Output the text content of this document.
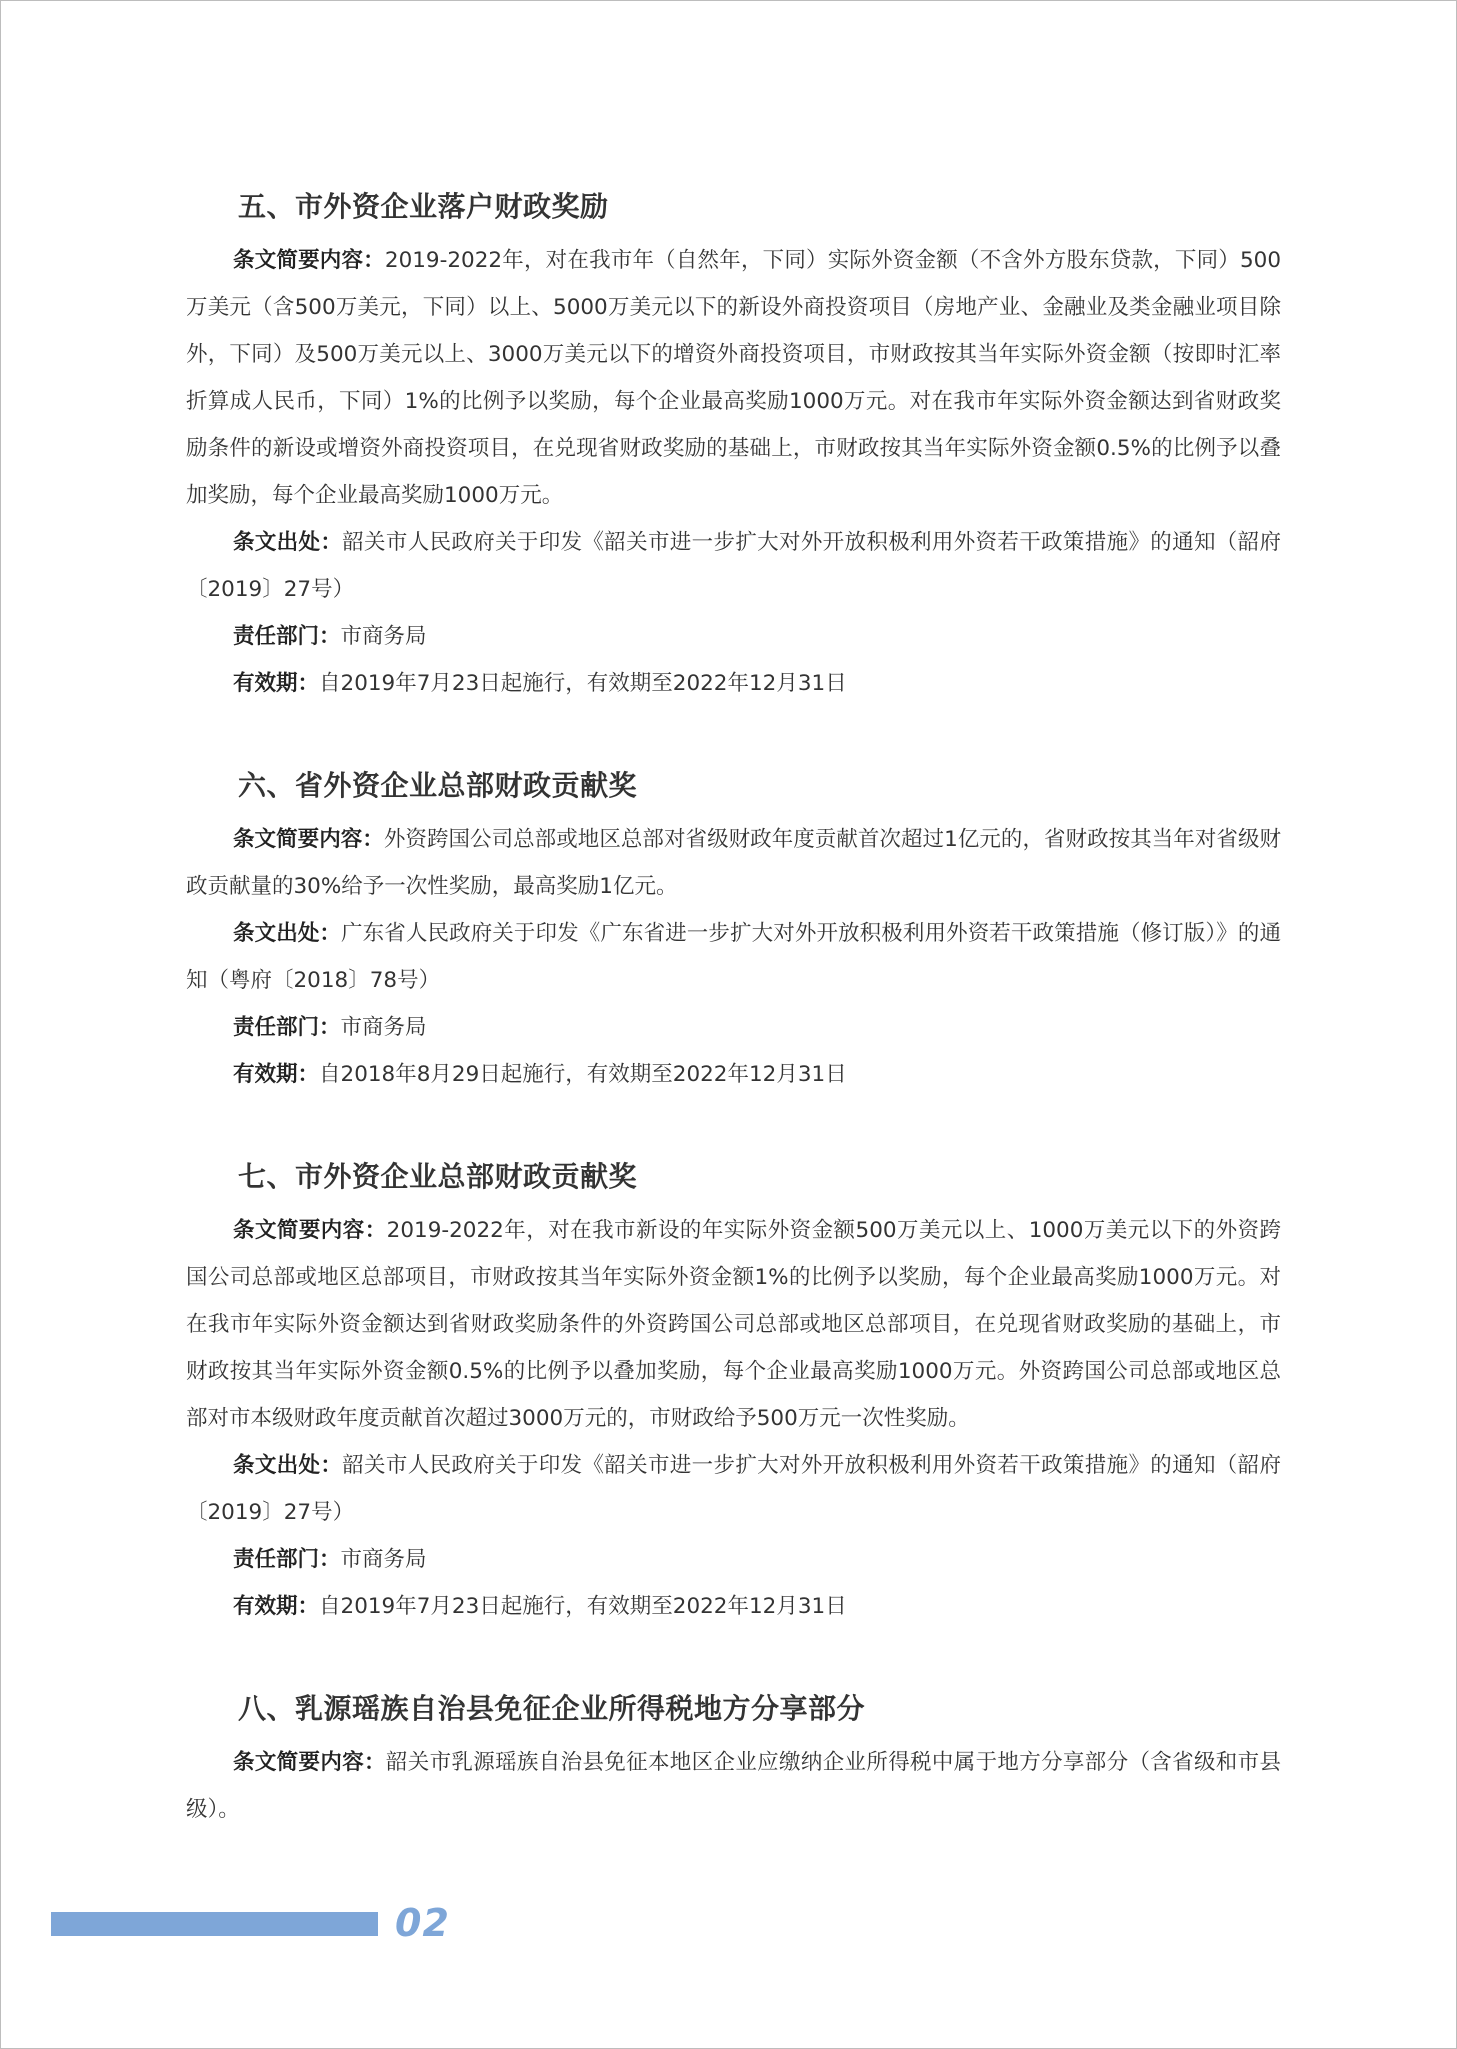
五、市外资企业落户财政奖励

条文简要内容：2019-2022年，对在我市年（自然年，下同）实际外资金额（不含外方股东贷款，下同）500万美元（含500万美元，下同）以上、5000万美元以下的新设外商投资项目（房地产业、金融业及类金融业项目除外，下同）及500万美元以上、3000万美元以下的增资外商投资项目，市财政按其当年实际外资金额（按即时汇率折算成人民币，下同）1%的比例予以奖励，每个企业最高奖励1000万元。对在我市年实际外资金额达到省财政奖励条件的新设或增资外商投资项目，在兑现省财政奖励的基础上，市财政按其当年实际外资金额0.5%的比例予以叠加奖励，每个企业最高奖励1000万元。

条文出处：韶关市人民政府关于印发《韶关市进一步扩大对外开放积极利用外资若干政策措施》的通知（韶府〔2019〕27号）

责任部门：市商务局

有效期：自2019年7月23日起施行，有效期至2022年12月31日

六、省外资企业总部财政贡献奖

条文简要内容：外资跨国公司总部或地区总部对省级财政年度贡献首次超过1亿元的，省财政按其当年对省级财政贡献量的30%给予一次性奖励，最高奖励1亿元。

条文出处：广东省人民政府关于印发《广东省进一步扩大对外开放积极利用外资若干政策措施（修订版）》的通知（粤府〔2018〕78号）

责任部门：市商务局

有效期：自2018年8月29日起施行，有效期至2022年12月31日

七、市外资企业总部财政贡献奖

条文简要内容：2019-2022年，对在我市新设的年实际外资金额500万美元以上、1000万美元以下的外资跨国公司总部或地区总部项目，市财政按其当年实际外资金额1%的比例予以奖励，每个企业最高奖励1000万元。对在我市年实际外资金额达到省财政奖励条件的外资跨国公司总部或地区总部项目，在兑现省财政奖励的基础上，市财政按其当年实际外资金额0.5%的比例予以叠加奖励，每个企业最高奖励1000万元。外资跨国公司总部或地区总部对市本级财政年度贡献首次超过3000万元的，市财政给予500万元一次性奖励。

条文出处：韶关市人民政府关于印发《韶关市进一步扩大对外开放积极利用外资若干政策措施》的通知（韶府〔2019〕27号）

责任部门：市商务局

有效期：自2019年7月23日起施行，有效期至2022年12月31日

八、乳源瑶族自治县免征企业所得税地方分享部分

条文简要内容：韶关市乳源瑶族自治县免征本地区企业应缴纳企业所得税中属于地方分享部分（含省级和市县级）。

02
